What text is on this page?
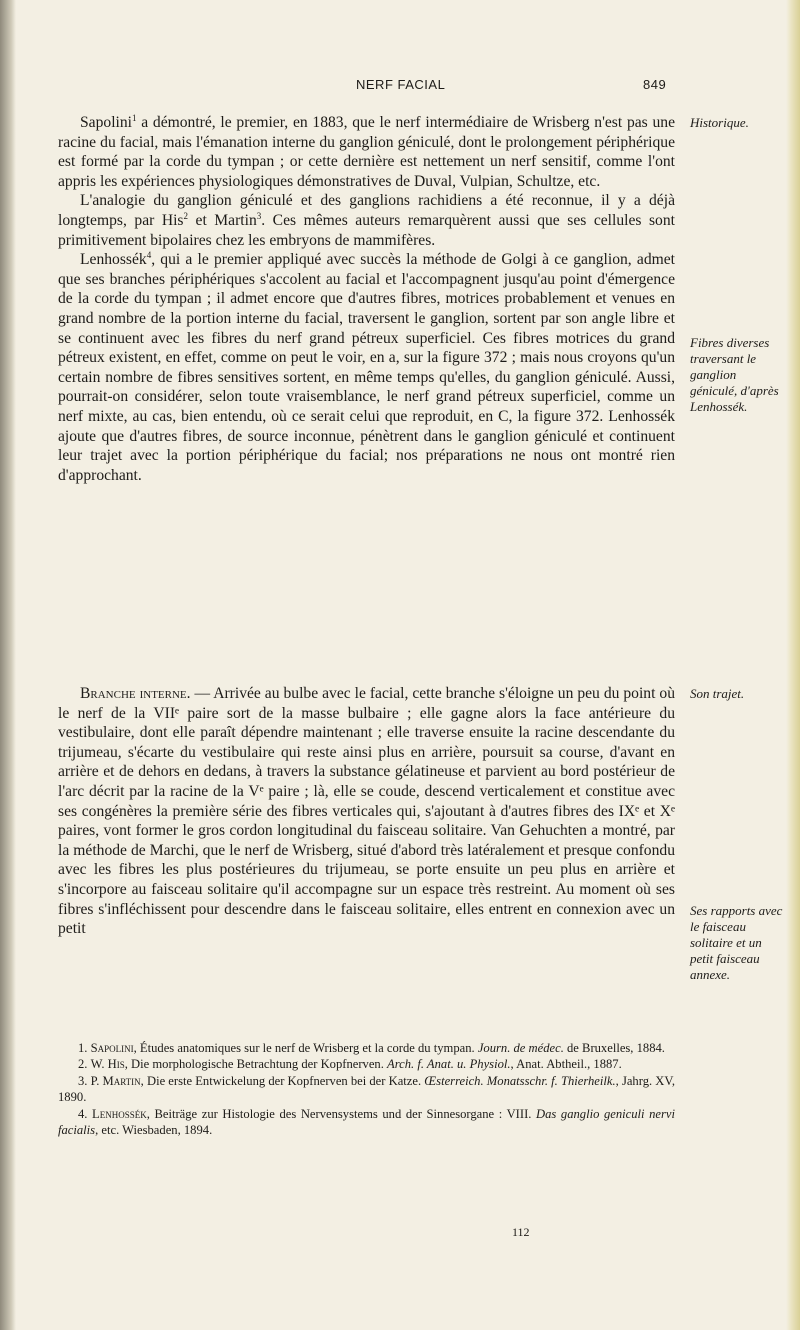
NERF FACIAL	849

Sapolini$^1$ a démontré, le premier, en 1883, que le nerf intermédiaire de Wrisberg n'est pas une racine du facial, mais l'émanation interne du ganglion géniculé, dont le prolongement périphérique est formé par la corde du tympan ; or cette dernière est nettement un nerf sensitif, comme l'ont appris les expériences physiologiques démonstratives de Duval, Vulpian, Schultze, etc.

L'analogie du ganglion géniculé et des ganglions rachidiens a été reconnue, il y a déjà longtemps, par His$^2$ et Martin$^3$. Ces mêmes auteurs remarquèrent aussi que ses cellules sont primitivement bipolaires chez les embryons de mammifères.

Lenhossék$^4$, qui a le premier appliqué avec succès la méthode de Golgi à ce ganglion, admet que ses branches périphériques s'accolent au facial et l'accompagnent jusqu'au point d'émergence de la corde du tympan ; il admet encore que d'autres fibres, motrices probablement et venues en grand nombre de la portion interne du facial, traversent le ganglion, sortent par son angle libre et se continuent avec les fibres du nerf grand pétreux superficiel. Ces fibres motrices du grand pétreux existent, en effet, comme on peut le voir, en a, sur la figure 372 ; mais nous croyons qu'un certain nombre de fibres sensitives sortent, en même temps qu'elles, du ganglion géniculé. Aussi, pourrait-on considérer, selon toute vraisemblance, le nerf grand pétreux superficiel, comme un nerf mixte, au cas, bien entendu, où ce serait celui que reproduit, en C, la figure 372. Lenhossék ajoute que d'autres fibres, de source inconnue, pénètrent dans le ganglion géniculé et continuent leur trajet avec la portion périphérique du facial; nos préparations ne nous ont montré rien d'approchant.

Branche interne. — Arrivée au bulbe avec le facial, cette branche s'éloigne un peu du point où le nerf de la VIIᵉ paire sort de la masse bulbaire ; elle gagne alors la face antérieure du vestibulaire, dont elle paraît dépendre maintenant ; elle traverse ensuite la racine descendante du trijumeau, s'écarte du vestibulaire qui reste ainsi plus en arrière, poursuit sa course, d'avant en arrière et de dehors en dedans, à travers la substance gélatineuse et parvient au bord postérieur de l'arc décrit par la racine de la Vᵉ paire ; là, elle se coude, descend verticalement et constitue avec ses congénères la première série des fibres verticales qui, s'ajoutant à d'autres fibres des IXᵉ et Xᵉ paires, vont former le gros cordon longitudinal du faisceau solitaire. Van Gehuchten a montré, par la méthode de Marchi, que le nerf de Wrisberg, situé d'abord très latéralement et presque confondu avec les fibres les plus postérieures du trijumeau, se porte ensuite un peu plus en arrière et s'incorpore au faisceau solitaire qu'il accompagne sur un espace très restreint. Au moment où ses fibres s'infléchissent pour descendre dans le faisceau solitaire, elles entrent en connexion avec un petit

Historique.
Fibres diverses traversant le ganglion géniculé, d'après Lenhossék.
Son trajet.
Ses rapports avec le faisceau solitaire et un petit faisceau annexe.
1. Sapolini, Études anatomiques sur le nerf de Wrisberg et la corde du tympan. Journ. de médec. de Bruxelles, 1884.
2. W. His, Die morphologische Betrachtung der Kopfnerven. Arch. f. Anat. u. Physiol., Anat. Abtheil., 1887.
3. P. Martin, Die erste Entwickelung der Kopfnerven bei der Katze. Œsterreich. Monatsschr. f. Thierheilk., Jahrg. XV, 1890.
4. Lenhossék, Beiträge zur Histologie des Nervensystems und der Sinnesorgane : VIII. Das ganglio geniculi nervi facialis, etc. Wiesbaden, 1894.
112
